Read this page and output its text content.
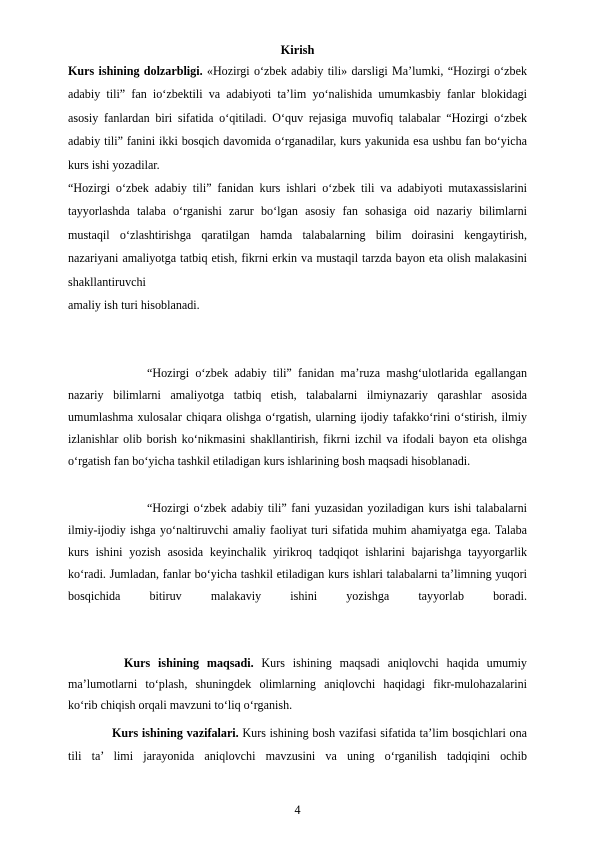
Kirish

Kurs ishining dolzarbligi. «Hozirgi o‘zbek adabiy tili» darsligi Ma’lumki, “Hozirgi o‘zbek adabiy tili” fan io‘zbektili va adabiyoti ta’lim yo‘nalishida umumkasbiy fanlar blokidagi asosiy fanlardan biri sifatida o‘qitiladi. O‘quv rejasiga muvofiq talabalar “Hozirgi o‘zbek adabiy tili” fanini ikki bosqich davomida o‘rganadilar, kurs yakunida esa ushbu fan bo‘yicha kurs ishi yozadilar.

“Hozirgi o‘zbek adabiy tili” fanidan kurs ishlari o‘zbek tili va adabiyoti mutaxassislarini tayyorlashda talaba o‘rganishi zarur bo‘lgan asosiy fan sohasiga oid nazariy bilimlarni mustaqil o‘zlashtirishga qaratilgan hamda talabalarning bilim doirasini kengaytirish, nazariyani amaliyotga tatbiq etish, fikrni erkin va mustaqil tarzda bayon eta olish malakasini shakllantiruvchi

amaliy ish turi hisoblanadi.

“Hozirgi o‘zbek adabiy tili” fanidan ma’ruza mashg‘ulotlarida egallangan nazariy bilimlarni amaliyotga tatbiq etish, talabalarni ilmiynazariy qarashlar asosida umumlashma xulosalar chiqara olishga o‘rgatish, ularning ijodiy tafakko‘rini o‘stirish, ilmiy izlanishlar olib borish ko‘nikmasini shakllantirish, fikrni izchil va ifodali bayon eta olishga o‘rgatish fan bo‘yicha tashkil etiladigan kurs ishlarining bosh maqsadi hisoblanadi.

“Hozirgi o‘zbek adabiy tili” fani yuzasidan yoziladigan kurs ishi talabalarni ilmiy-ijodiy ishga yo‘naltiruvchi amaliy faoliyat turi sifatida muhim ahamiyatga ega. Talaba kurs ishini yozish asosida keyinchalik yirikroq tadqiqot ishlarini bajarishga tayyorgarlik ko‘radi. Jumladan, fanlar bo‘yicha tashkil etiladigan kurs ishlari talabalarni ta’limning yuqori bosqichida bitiruv malakaviy ishini yozishga tayyorlab boradi.

Kurs ishining maqsadi. Kurs ishining maqsadi aniqlovchi haqida umumiy ma’lumotlarni to‘plash, shuningdek olimlarning aniqlovchi haqidagi fikr-mulohazalarini ko‘rib chiqish orqali mavzuni to‘liq o‘rganish.

Kurs ishining vazifalari. Kurs ishining bosh vazifasi sifatida ta’lim bosqichlari ona tili ta’ limi jarayonida aniqlovchi mavzusini va uning o‘rganilish tadqiqini ochib

4
